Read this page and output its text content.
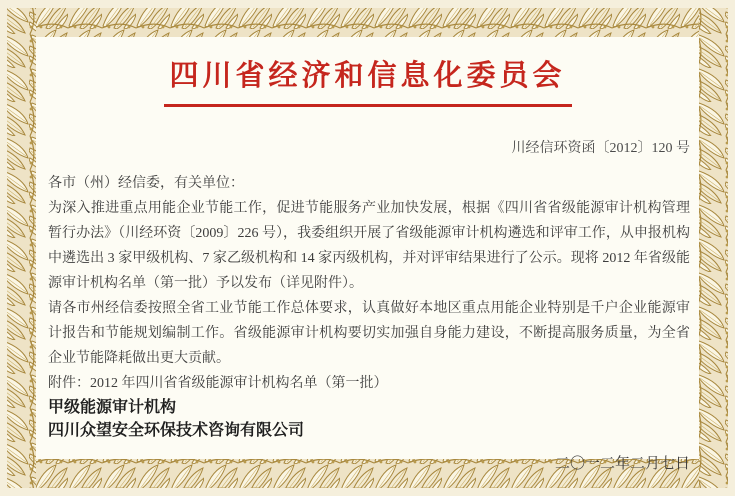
四川省经济和信息化委员会
川经信环资函〔2012〕120 号

各市（州）经信委，有关单位：

为深入推进重点用能企业节能工作，促进节能服务产业加快发展，根据《四川省省级能源审计机构管理暂行办法》（川经环资〔2009〕226 号），我委组织开展了省级能源审计机构遴选和评审工作，从申报机构中遴选出 3 家甲级机构、7 家乙级机构和 14 家丙级机构，并对评审结果进行了公示。现将 2012 年省级能源审计机构名单（第一批）予以发布（详见附件）。

请各市州经信委按照全省工业节能工作总体要求，认真做好本地区重点用能企业特别是千户企业能源审计报告和节能规划编制工作。省级能源审计机构要切实加强自身能力建设，不断提高服务质量，为全省企业节能降耗做出更大贡献。

附件：2012 年四川省省级能源审计机构名单（第一批）

甲级能源审计机构

四川众望安全环保技术咨询有限公司

二〇一二年二月七日
